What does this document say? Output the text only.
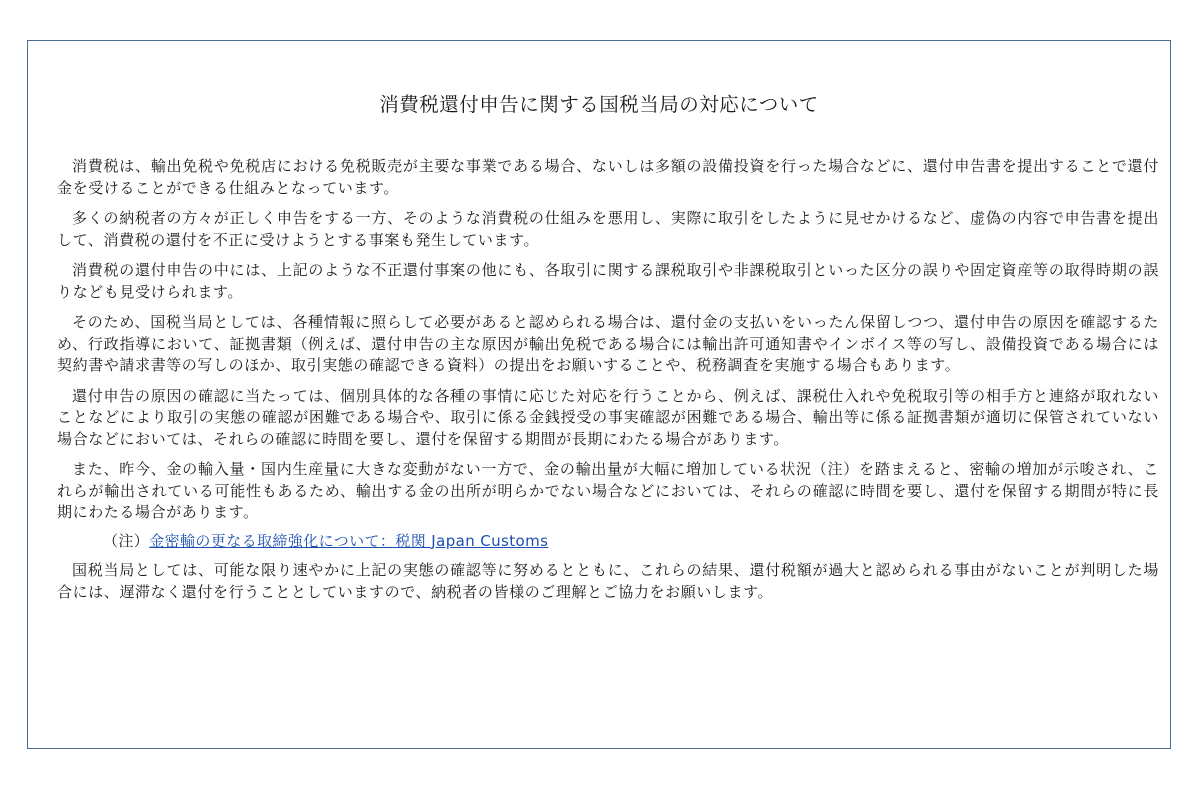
消費税還付申告に関する国税当局の対応について

消費税は、輸出免税や免税店における免税販売が主要な事業である場合、ないしは多額の設備投資を行った場合などに、還付申告書を提出することで還付金を受けることができる仕組みとなっています。

多くの納税者の方々が正しく申告をする一方、そのような消費税の仕組みを悪用し、実際に取引をしたように見せかけるなど、虚偽の内容で申告書を提出して、消費税の還付を不正に受けようとする事案も発生しています。

消費税の還付申告の中には、上記のような不正還付事案の他にも、各取引に関する課税取引や非課税取引といった区分の誤りや固定資産等の取得時期の誤りなども見受けられます。

そのため、国税当局としては、各種情報に照らして必要があると認められる場合は、還付金の支払いをいったん保留しつつ、還付申告の原因を確認するため、行政指導において、証拠書類（例えば、還付申告の主な原因が輸出免税である場合には輸出許可通知書やインボイス等の写し、設備投資である場合には契約書や請求書等の写しのほか、取引実態の確認できる資料）の提出をお願いすることや、税務調査を実施する場合もあります。

還付申告の原因の確認に当たっては、個別具体的な各種の事情に応じた対応を行うことから、例えば、課税仕入れや免税取引等の相手方と連絡が取れないことなどにより取引の実態の確認が困難である場合や、取引に係る金銭授受の事実確認が困難である場合、輸出等に係る証拠書類が適切に保管されていない場合などにおいては、それらの確認に時間を要し、還付を保留する期間が長期にわたる場合があります。

また、昨今、金の輸入量・国内生産量に大きな変動がない一方で、金の輸出量が大幅に増加している状況（注）を踏まえると、密輸の増加が示唆され、これらが輸出されている可能性もあるため、輸出する金の出所が明らかでない場合などにおいては、それらの確認に時間を要し、還付を保留する期間が特に長期にわたる場合があります。

（注）金密輸の更なる取締強化について：税関 Japan Customs

国税当局としては、可能な限り速やかに上記の実態の確認等に努めるとともに、これらの結果、還付税額が過大と認められる事由がないことが判明した場合には、遅滞なく還付を行うこととしていますので、納税者の皆様のご理解とご協力をお願いします。
